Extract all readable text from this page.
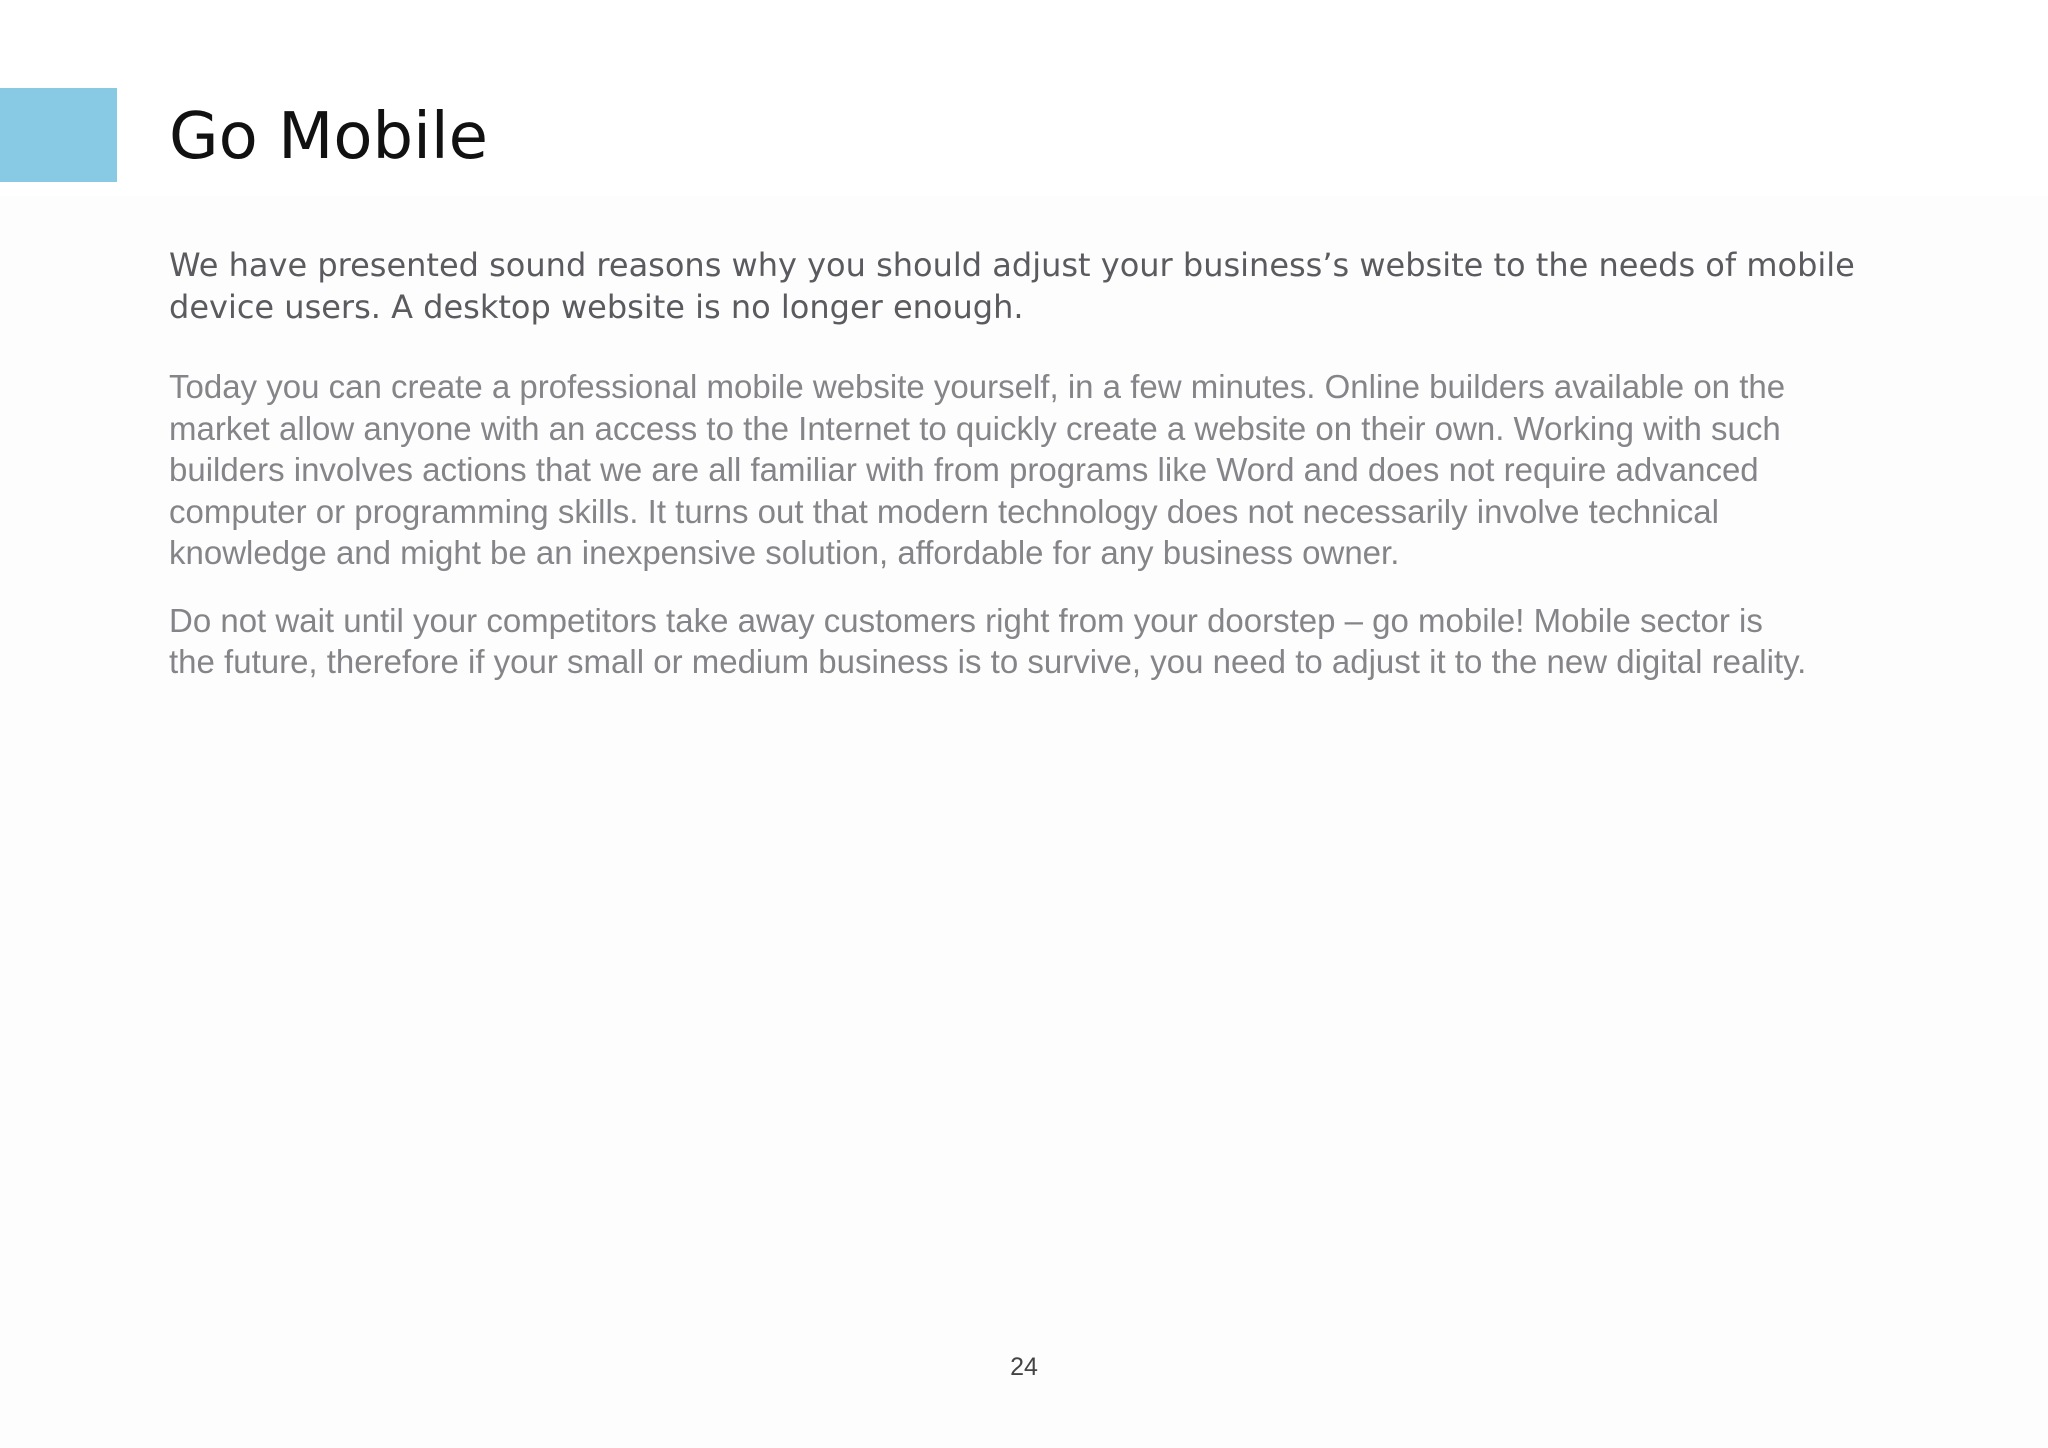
Go Mobile

We have presented sound reasons why you should adjust your business’s website to the needs of mobile
device users. A desktop website is no longer enough.

Today you can create a professional mobile website yourself, in a few minutes. Online builders available on the
market allow anyone with an access to the Internet to quickly create a website on their own. Working with such
builders involves actions that we are all familiar with from programs like Word and does not require advanced
computer or programming skills. It turns out that modern technology does not necessarily involve technical
knowledge and might be an inexpensive solution, affordable for any business owner.

Do not wait until your competitors take away customers right from your doorstep – go mobile! Mobile sector is
the future, therefore if your small or medium business is to survive, you need to adjust it to the new digital reality.

24
